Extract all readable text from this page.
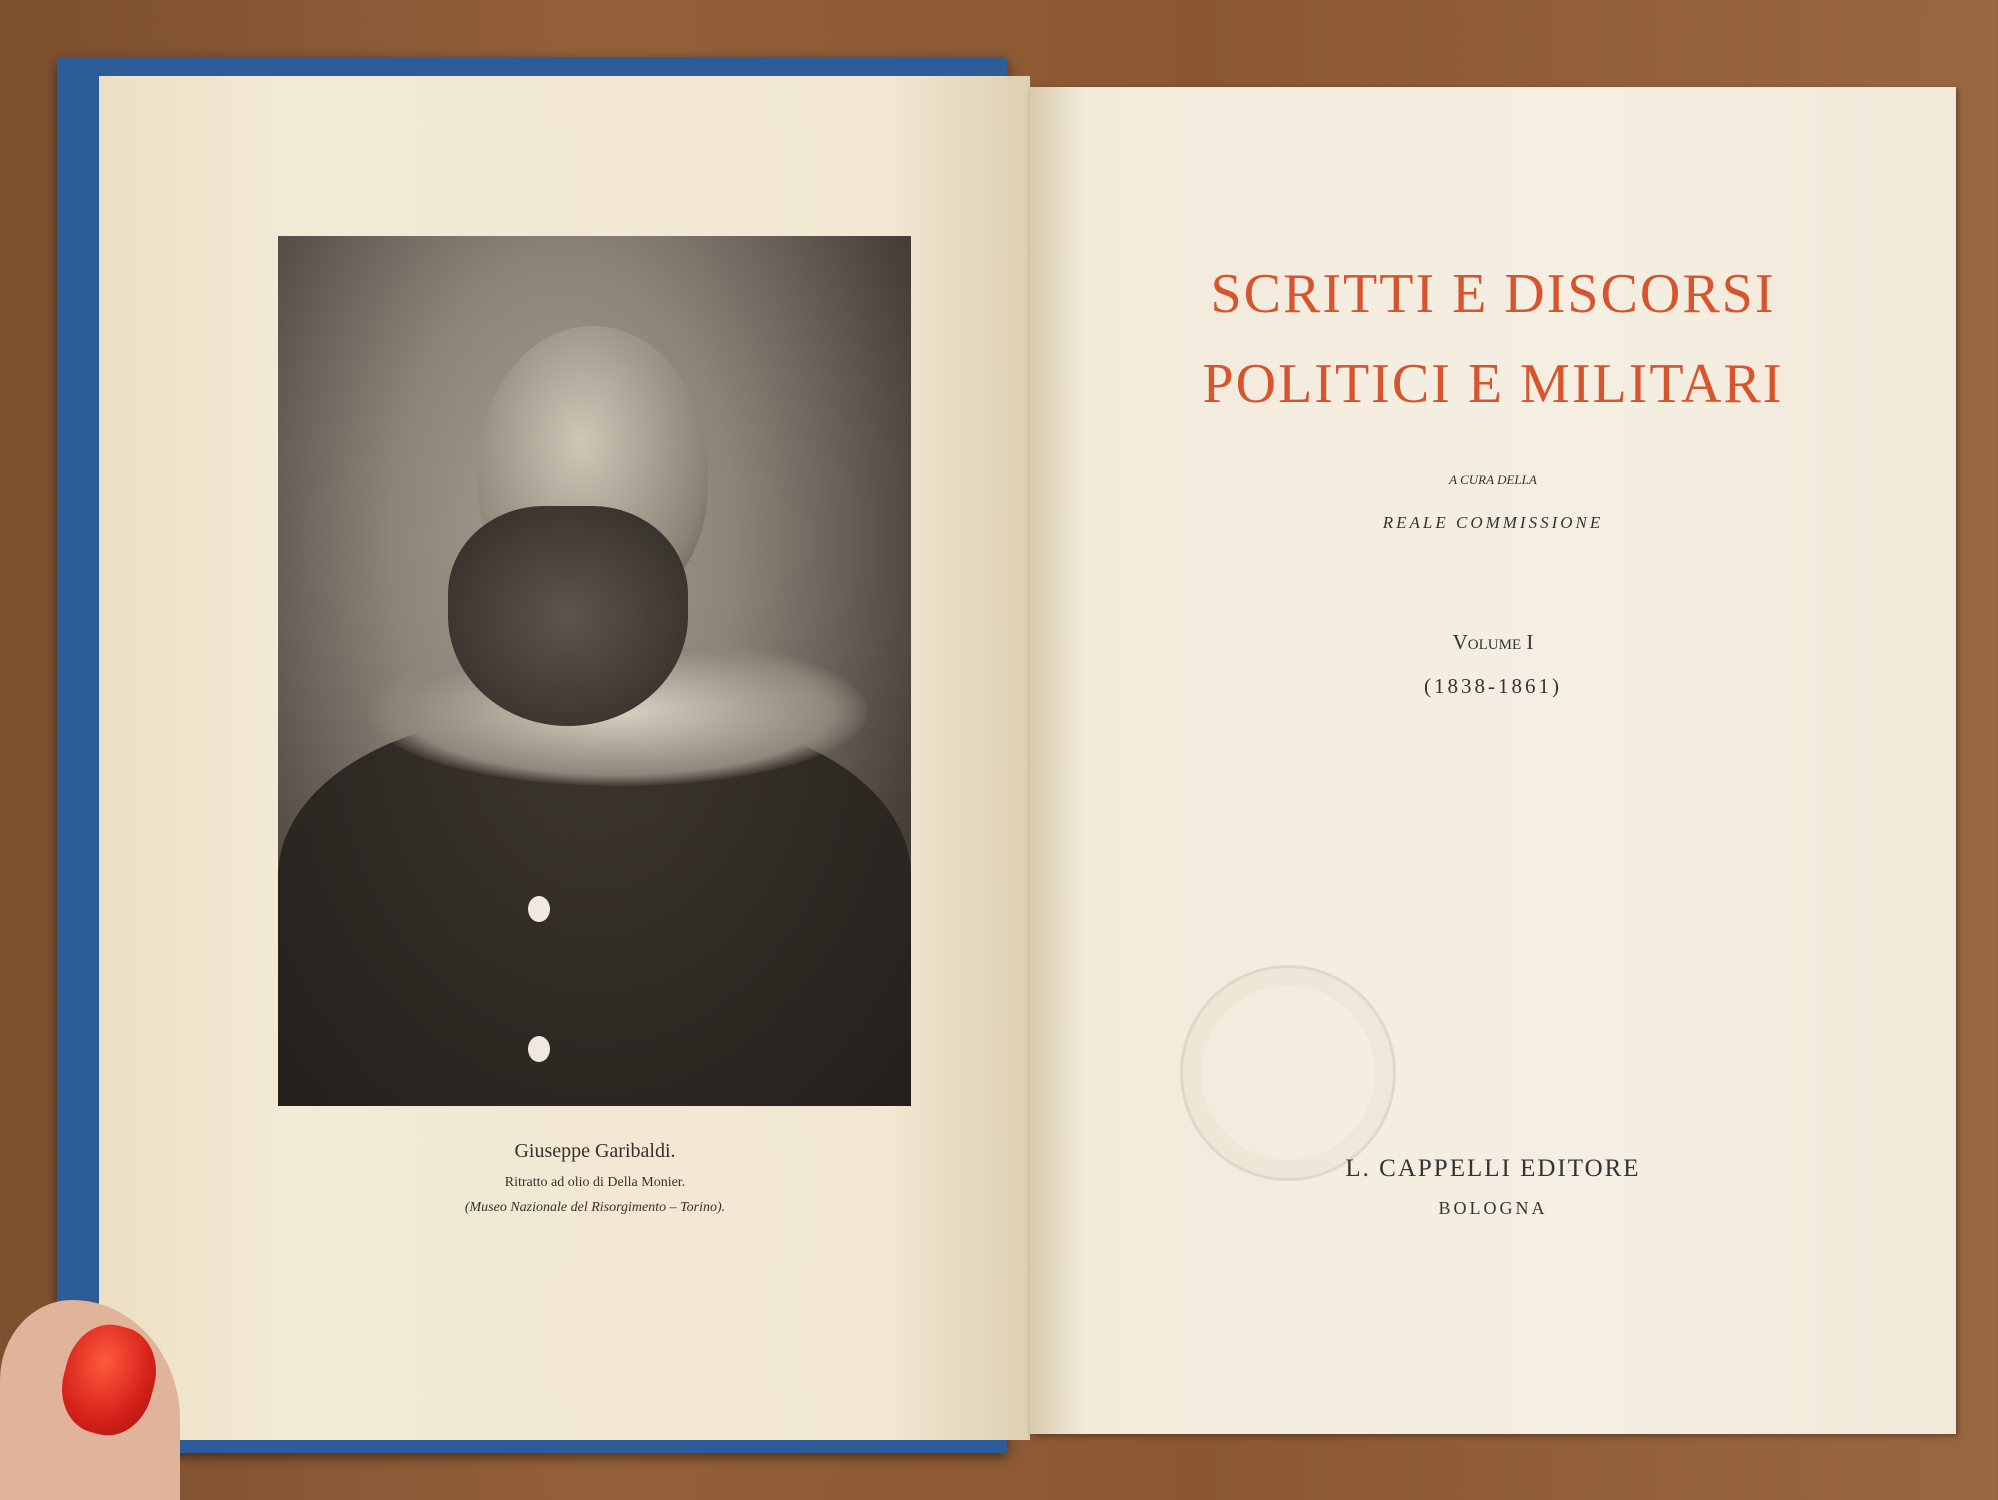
Giuseppe Garibaldi.
Ritratto ad olio di Della Monier.
(Museo Nazionale del Risorgimento – Torino).
SCRITTI E DISCORSI
POLITICI E MILITARI
A CURA DELLA
REALE COMMISSIONE
Volume I
(1838-1861)
L. CAPPELLI EDITORE
BOLOGNA
